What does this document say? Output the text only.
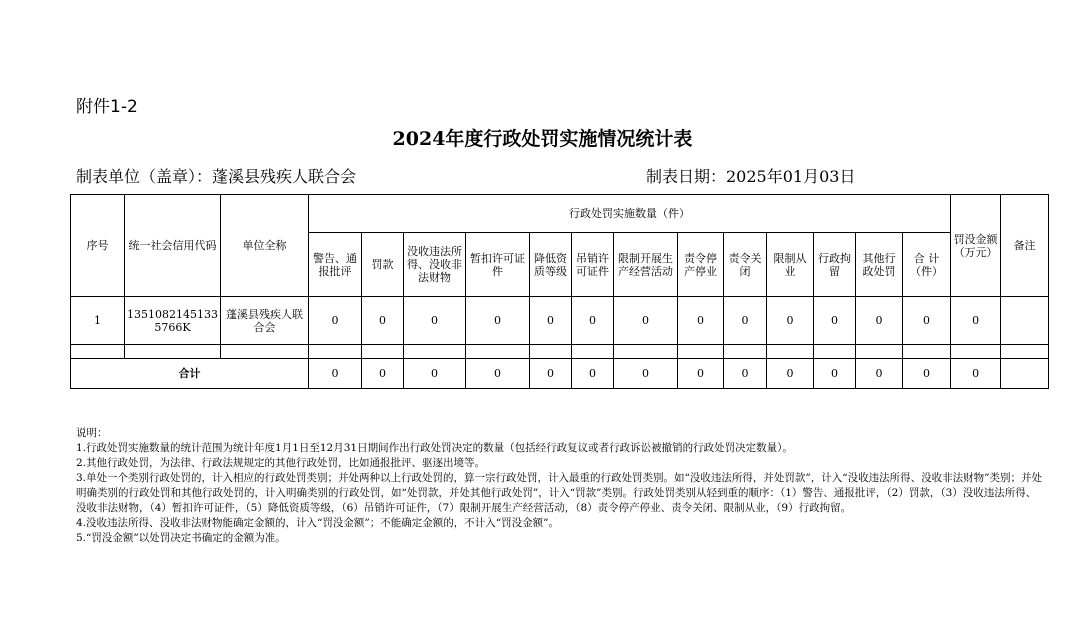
附件1-2
2024年度行政处罚实施情况统计表
制表单位（盖章）：蓬溪县残疾人联合会	制表日期：2025年01月03日
序号	统一社会信用代码	单位全称	行政处罚实施数量（件）													罚没金额（万元）	备注
			警告、通报批评	罚款	没收违法所得、没收非法财物	暂扣许可证件	降低资质等级	吊销许可证件	限制开展生产经营活动	责令停产停业	责令关闭	限制从业	行政拘留	其他行政处罚	合 计（件）		
1	13510821451335766K	蓬溪县残疾人联合会	0	0	0	0	0	0	0	0	0	0	0	0	0	0	

合计			0	0	0	0	0	0	0	0	0	0	0	0	0	0	
说明：
1.行政处罚实施数量的统计范围为统计年度1月1日至12月31日期间作出行政处罚决定的数量（包括经行政复议或者行政诉讼被撤销的行政处罚决定数量）。
2.其他行政处罚，为法律、行政法规规定的其他行政处罚，比如通报批评、驱逐出境等。
3.单处一个类别行政处罚的，计入相应的行政处罚类别；并处两种以上行政处罚的，算一宗行政处罚，计入最重的行政处罚类别。如“没收违法所得，并处罚款”，计入“没收违法所得、没收非法财物”类别；并处明确类别的行政处罚和其他行政处罚的，计入明确类别的行政处罚，如“处罚款，并处其他行政处罚”，计入“罚款”类别。行政处罚类别从轻到重的顺序：（1）警告、通报批评，（2）罚款，（3）没收违法所得、没收非法财物，（4）暂扣许可证件，（5）降低资质等级，（6）吊销许可证件，（7）限制开展生产经营活动，（8）责令停产停业、责令关闭、限制从业，（9）行政拘留。
4.没收违法所得、没收非法财物能确定金额的，计入“罚没金额”；不能确定金额的，不计入“罚没金额”。
5.“罚没金额”以处罚决定书确定的金额为准。
